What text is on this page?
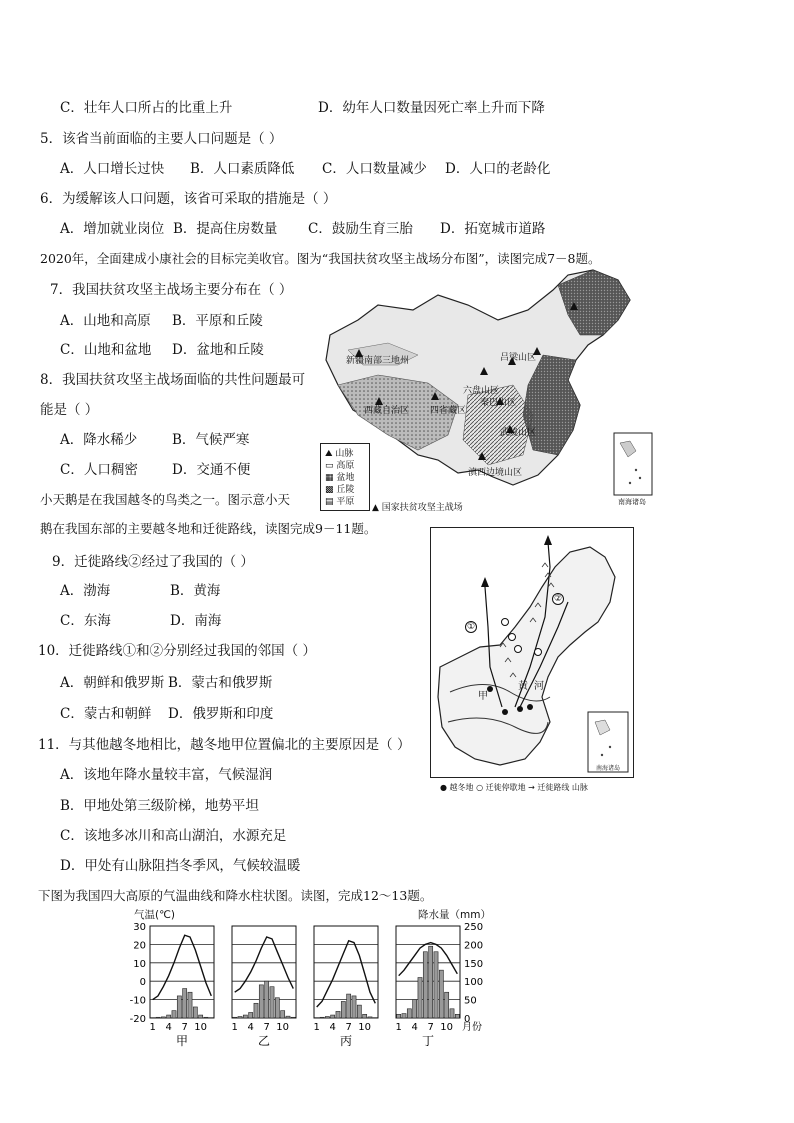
C．壮年人口所占的比重上升	D．幼年人口数量因死亡率上升而下降
5．该省当前面临的主要人口问题是（ ）
A．人口增长过快 B．人口素质降低 C．人口数量减少 D．人口的老龄化
6．为缓解该人口问题，该省可采取的措施是（ ）
A．增加就业岗位 B．提高住房数量 C．鼓励生育三胎 D．拓宽城市道路
2020年，全面建成小康社会的目标完美收官。图为“我国扶贫攻坚主战场分布图”，读图完成7－8题。
7．我国扶贫攻坚主战场主要分布在（ ）
A．山地和高原 B．平原和丘陵
C．山地和盆地 D．盆地和丘陵
8．我国扶贫攻坚主战场面临的共性问题最可
能是（ ）
A．降水稀少	B．气候严寒
C．人口稠密	D．交通不便
新疆南部三地州
西藏自治区 四省藏区
六盘山区
吕梁山区
秦巴山区
武陵山区
滇西边境山区
⛰ 山脉
▭ 高原
▦ 盆地
▩ 丘陵
▤ 平原
▲ 国家扶贫攻坚主战场
南海诸岛
小天鹅是在我国越冬的鸟类之一。图示意小天
鹅在我国东部的主要越冬地和迁徙路线，读图完成9－11题。
9．迁徙路线②经过了我国的（ ）
A．渤海	B．黄海
C．东海	D．南海
10．迁徙路线①和②分别经过我国的邻国（ ）
A．朝鲜和俄罗斯 B．蒙古和俄罗斯
C．蒙古和朝鲜 D．俄罗斯和印度
11．与其他越冬地相比，越冬地甲位置偏北的主要原因是（ ）
A．该地年降水量较丰富，气候湿润
B．甲地处第三级阶梯，地势平坦
C．该地多冰川和高山湖泊，水源充足
D．甲处有山脉阻挡冬季风，气候较温暖
①
②
甲
黄 河
南海诸岛
● 越冬地 ○ 迁徙停歇地 → 迁徙路线 山脉
下图为我国四大高原的气温曲线和降水柱状图。读图，完成12～13题。
气温(℃)	降水量（mm）
30
20
10
0
-10
-20
250
200
150
100
50
0
1 4 7 10
甲
1 4 7 10
乙
1 4 7 10
丙
1 4 7 10
丁
月份
